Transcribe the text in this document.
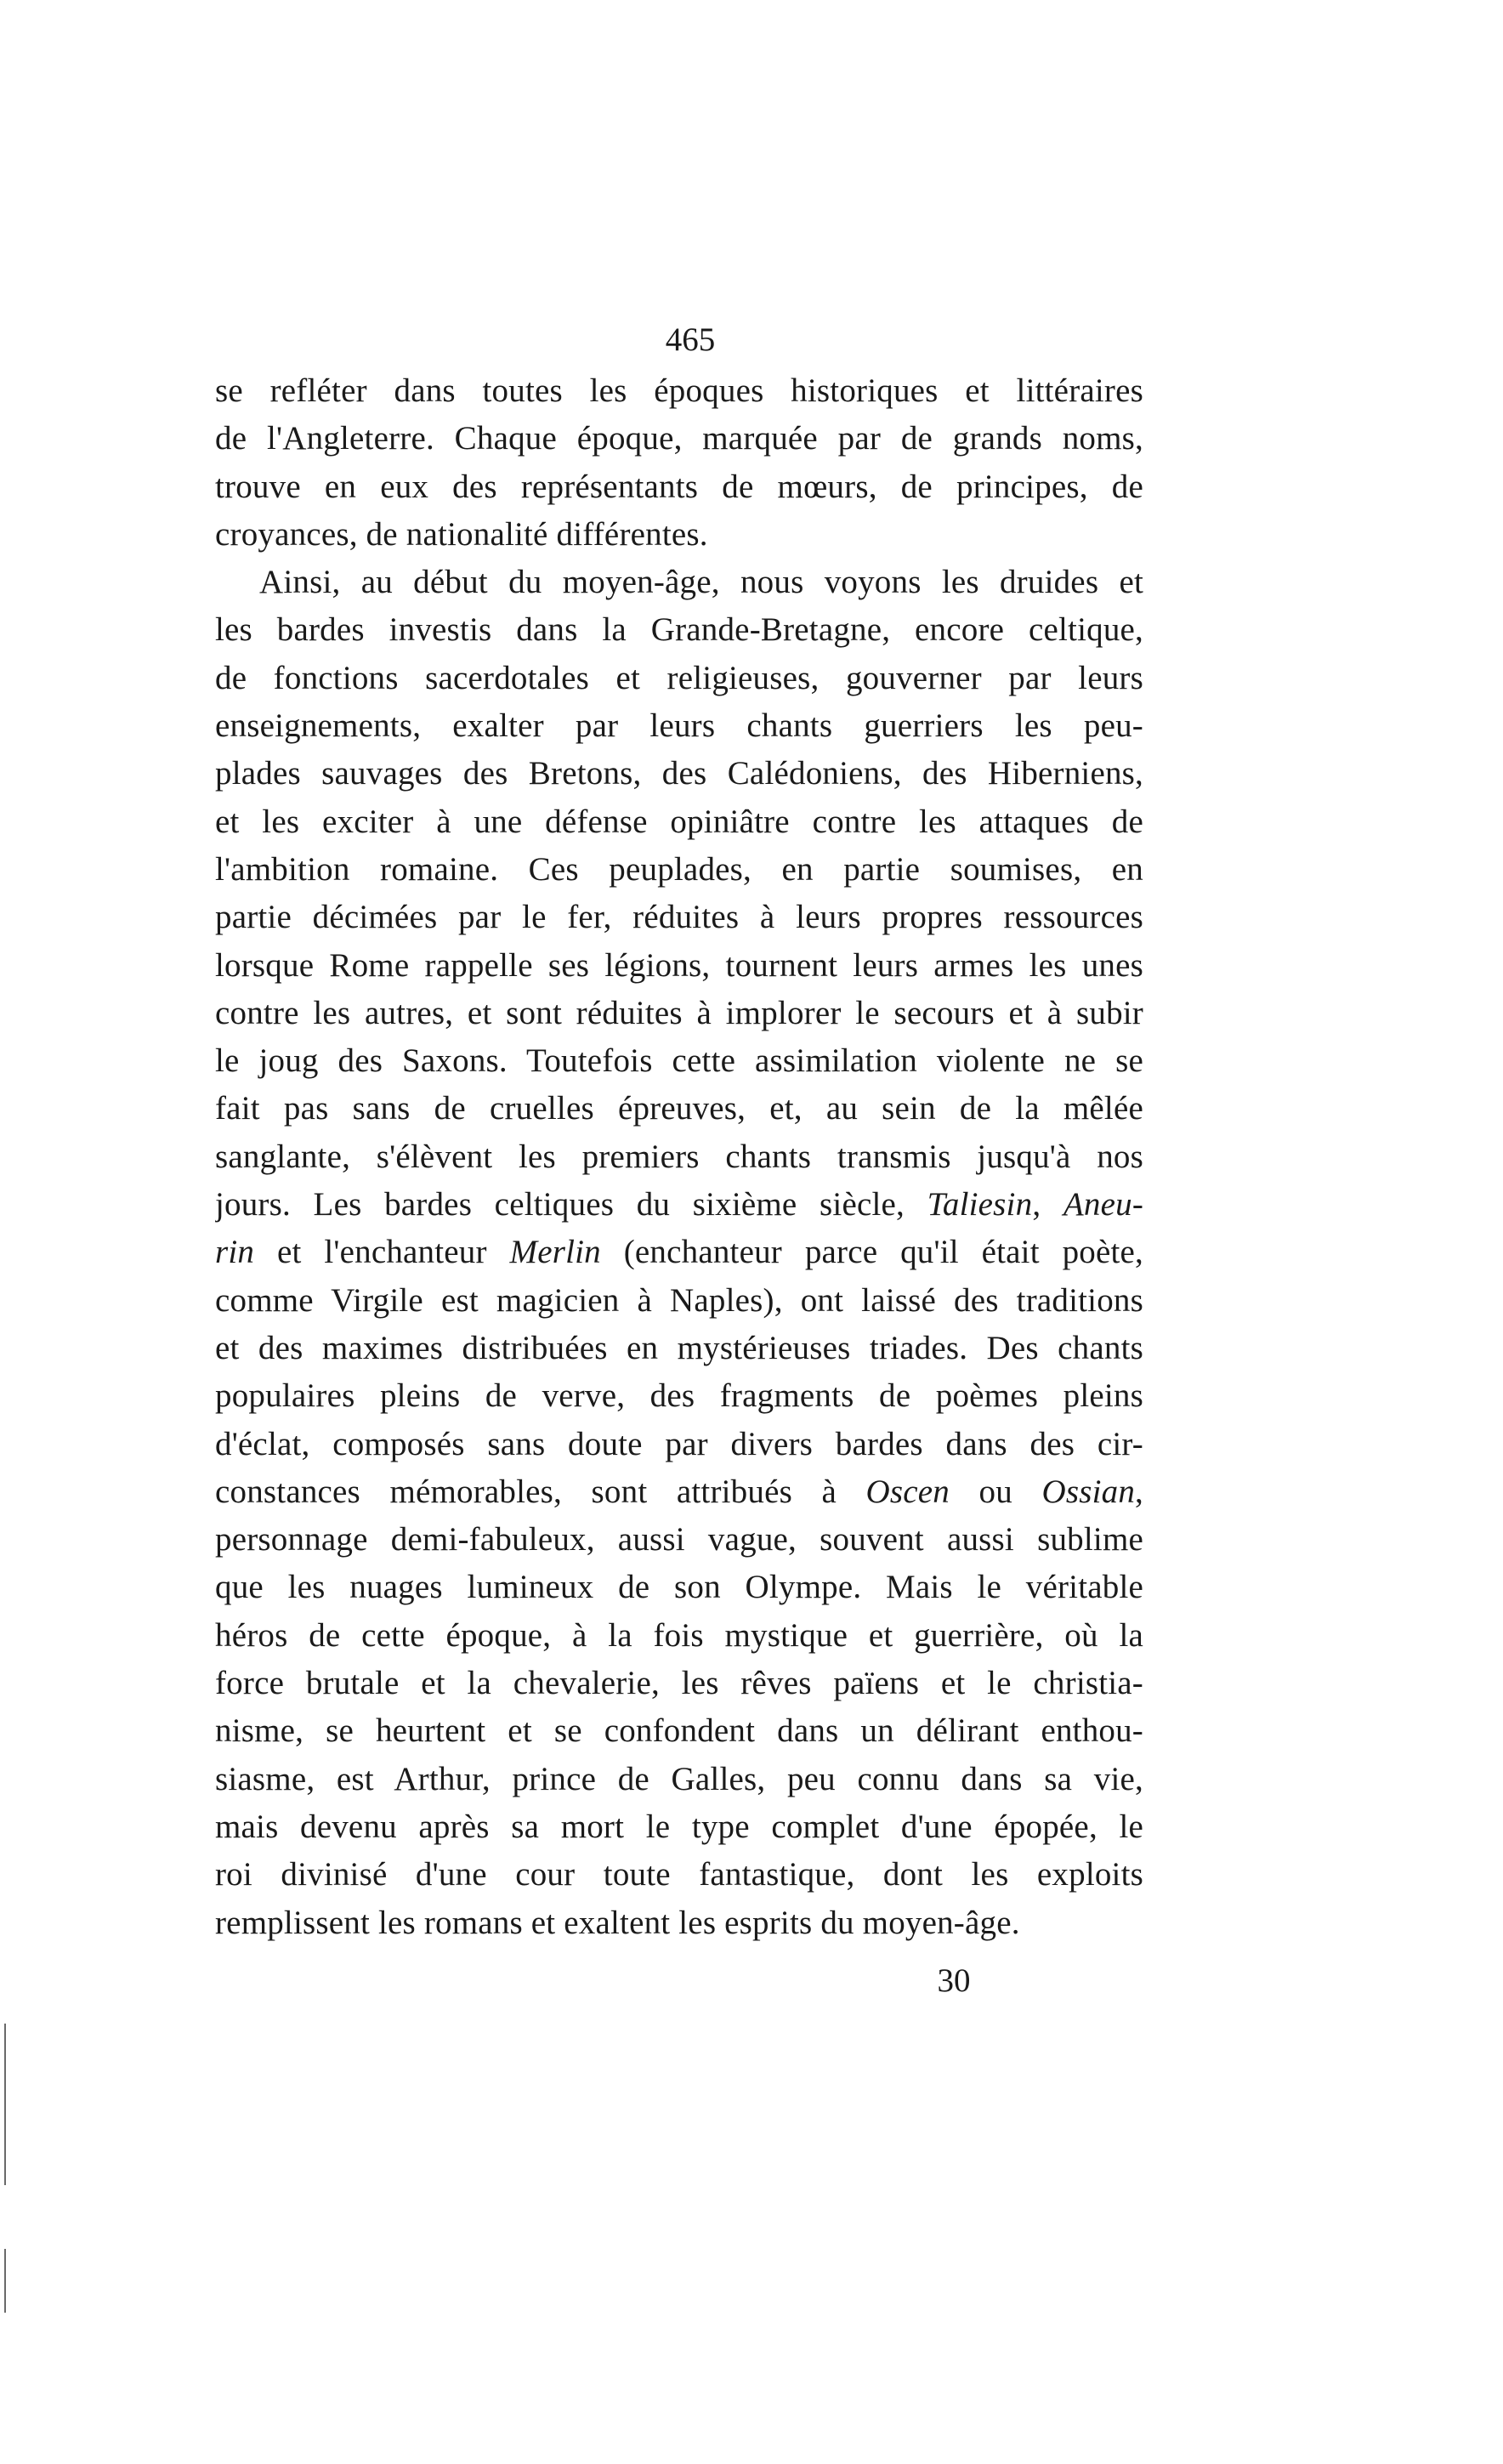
465
se refléter dans toutes les époques historiques et littéraires
de l'Angleterre. Chaque époque, marquée par de grands noms,
trouve en eux des représentants de mœurs, de principes, de
croyances, de nationalité différentes.
Ainsi, au début du moyen-âge, nous voyons les druides et
les bardes investis dans la Grande-Bretagne, encore celtique,
de fonctions sacerdotales et religieuses, gouverner par leurs
enseignements, exalter par leurs chants guerriers les peu-
plades sauvages des Bretons, des Calédoniens, des Hiberniens,
et les exciter à une défense opiniâtre contre les attaques de
l'ambition romaine. Ces peuplades, en partie soumises, en
partie décimées par le fer, réduites à leurs propres ressources
lorsque Rome rappelle ses légions, tournent leurs armes les unes
contre les autres, et sont réduites à implorer le secours et à subir
le joug des Saxons. Toutefois cette assimilation violente ne se
fait pas sans de cruelles épreuves, et, au sein de la mêlée
sanglante, s'élèvent les premiers chants transmis jusqu'à nos
jours. Les bardes celtiques du sixième siècle, Taliesin, Aneu-
rin et l'enchanteur Merlin (enchanteur parce qu'il était poète,
comme Virgile est magicien à Naples), ont laissé des traditions
et des maximes distribuées en mystérieuses triades. Des chants
populaires pleins de verve, des fragments de poèmes pleins
d'éclat, composés sans doute par divers bardes dans des cir-
constances mémorables, sont attribués à Oscen ou Ossian,
personnage demi-fabuleux, aussi vague, souvent aussi sublime
que les nuages lumineux de son Olympe. Mais le véritable
héros de cette époque, à la fois mystique et guerrière, où la
force brutale et la chevalerie, les rêves païens et le christia-
nisme, se heurtent et se confondent dans un délirant enthou-
siasme, est Arthur, prince de Galles, peu connu dans sa vie,
mais devenu après sa mort le type complet d'une épopée, le
roi divinisé d'une cour toute fantastique, dont les exploits
remplissent les romans et exaltent les esprits du moyen-âge.
30
